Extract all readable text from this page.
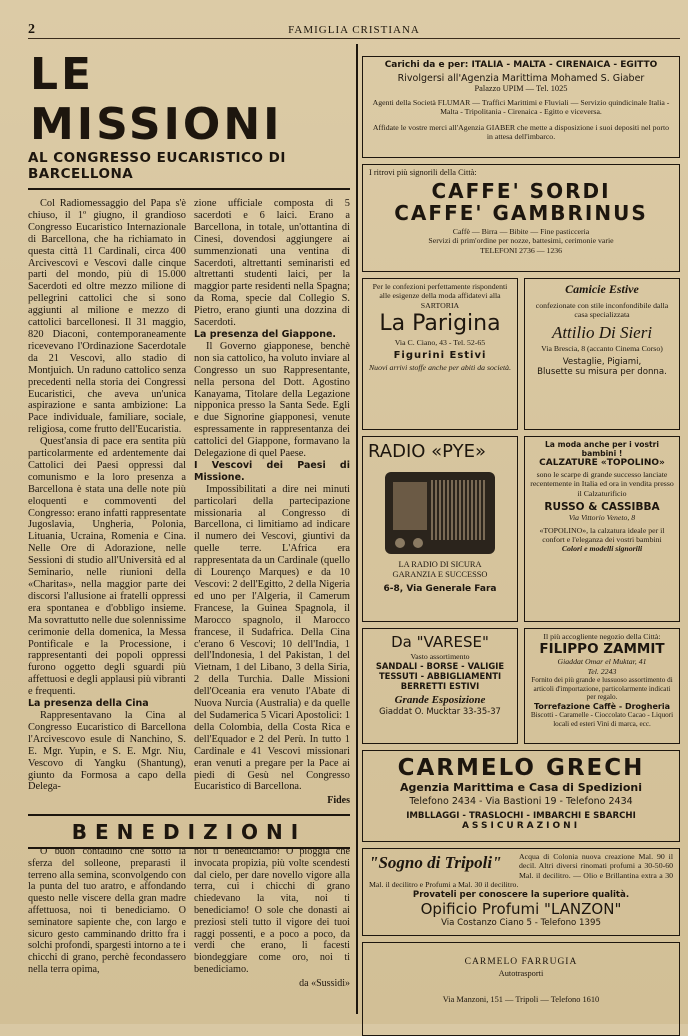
2	FAMIGLIA CRISTIANA
LE MISSIONI
AL CONGRESSO EUCARISTICO DI BARCELLONA

Col Radiomessaggio del Papa s'è chiuso, il 1º giugno, il grandioso Congresso Eucaristico Internazionale di Barcellona, che ha richiamato in questa città 11 Cardinali, circa 400 Arcivescovi e Vescovi dalle cinque parti del mondo, più di 15.000 Sacerdoti ed oltre mezzo milione di pellegrini cattolici che si sono aggiunti al milione e mezzo di cattolici barcellonesi. Il 31 maggio, 820 Diaconi, contemporaneamente ricevevano l'Ordinazione Sacerdotale da 21 Vescovi, allo stadio di Montjuich. Un raduno cattolico senza precedenti nella storia dei Congressi Eucaristici, che aveva un'unica aspirazione e santa ambizione: La Pace individuale, familiare, sociale, religiosa, come frutto dell'Eucaristia.

Quest'ansia di pace era sentita più particolarmente ed ardentemente dai Cattolici dei Paesi oppressi dal comunismo e la loro presenza a Barcellona è stata una delle note più eloquenti e commoventi del Congresso: erano infatti rappresentate Jugoslavia, Ungheria, Polonia, Lituania, Ucraina, Romenia e Cina. Nelle Ore di Adorazione, nelle Sessioni di studio all'Università ed al Seminario, nelle riunioni della «Charitas», nella maggior parte dei discorsi l'allusione ai fratelli oppressi era spontanea e d'obbligo insieme. Ma sovrattutto nelle due solennissime cerimonie della domenica, la Messa Pontificale e la Processione, i rappresentanti dei popoli oppressi furono oggetto degli sguardi più affettuosi e degli applausi più vibranti e frequenti.

La presenza della Cina

Rappresentavano la Cina al Congresso Eucaristico di Barcellona l'Arcivescovo esule di Nanchino, S. E. Mgr. Yupin, e S. E. Mgr. Niu, Vescovo di Yangku (Shantung), giunto da Formosa a capo della Delega-

zione ufficiale composta di 5 sacerdoti e 6 laici. Erano a Barcellona, in totale, un'ottantina di Cinesi, dovendosi aggiungere ai summenzionati una ventina di Sacerdoti, altrettanti seminaristi ed altrettanti studenti laici, per la maggior parte residenti nella Spagna; da Roma, specie dal Collegio S. Pietro, erano giunti una dozzina di Sacerdoti.

La presenza del Giappone.

Il Governo giapponese, benchè non sia cattolico, ha voluto inviare al Congresso un suo Rappresentante, nella persona del Dott. Agostino Kanayama, Titolare della Legazione nipponica presso la Santa Sede. Egli e due Signorine giapponesi, venute espressamente in rappresentanza dei cattolici del Giappone, formavano la Delegazione di quel Paese.

I Vescovi dei Paesi di Missione.

Impossibilitati a dire nei minuti particolari della partecipazione missionaria al Congresso di Barcellona, ci limitiamo ad indicare il numero dei Vescovi, giuntivi da quelle terre. L'Africa era rappresentata da un Cardinale (quello di Lourenço Marques) e da 10 Vescovi: 2 dell'Egitto, 2 della Nigeria ed uno per l'Algeria, il Camerum Francese, la Guinea Spagnola, il Marocco spagnolo, il Marocco francese, il Sudafrica. Della Cina c'erano 6 Vescovi; 10 dell'India, 1 dell'Indonesia, 1 del Pakistan, 1 del Vietnam, 1 del Libano, 3 della Siria, 2 della Turchia. Dalle Missioni dell'Oceania era venuto l'Abate di Nuova Nurcia (Australia) e da quelle del Sudamerica 5 Vicari Apostolici: 1 della Colombia, della Costa Rica e dell'Equador e 2 del Perù. In tutto 1 Cardinale e 41 Vescovi missionari eran venuti a pregare per la Pace ai piedi di Gesù nel Congresso Eucaristico di Barcellona.

Fides
BENEDIZIONI

O buon contadino che sotto la sferza del solleone, preparasti il terreno alla semina, sconvolgendo con la punta del tuo aratro, e affondando questo nelle viscere della gran madre affettuosa, noi ti benediciamo. O seminatore sapiente che, con largo e sicuro gesto camminando dritto fra i solchi profondi, spargesti intorno a te i chicchi di grano, perchè fecondassero nella terra opima,

noi ti benediciamo! O pioggia che invocata propizia, più volte scendesti dal cielo, per dare novello vigore alla terra, cui i chicchi di grano chiedevano la vita, noi ti benediciamo! O sole che donasti ai preziosi steli tutto il vigore dei tuoi raggi possenti, e a poco a poco, da verdi che erano, li facesti biondeggiare come oro, noi ti benediciamo.

da «Sussidi»
Carichi da e per: ITALIA - MALTA - CIRENAICA - EGITTO
Rivolgersi all'Agenzia Marittima Mohamed S. Giaber
Palazzo UPIM — Tel. 1025
Agenti della Società FLUMAR — Traffici Marittimi e Fluviali — Servizio quindicinale Italia - Malta - Tripolitania - Cirenaica - Egitto e viceversa.
Affidate le vostre merci all'Agenzia GIABER che mette a disposizione i suoi depositi nel porto in attesa dell'imbarco.
I ritrovi più signorili della Città:
CAFFE' SORDI
CAFFE' GAMBRINUS
Caffè — Birra — Bibite — Fine pasticceria
Servizi di prim'ordine per nozze, battesimi, cerimonie varie
TELEFONI 2736 — 1236
Per le confezioni perfettamente rispondenti alle esigenze della moda affidatevi alla SARTORIA
La Parigina
Via C. Ciano, 43 - Tel. 52-65
Figurini Estivi
Nuovi arrivi stoffe anche per abiti da società.
Camicie Estive
confezionate con stile inconfondibile dalla casa specializzata
Attilio Di Sieri
Via Brescia, 8 (accanto Cinema Corso)
Vestaglie, Pigiami,
Blusette su misura per donna.
RADIO «PYE»
LA RADIO DI SICURA
GARANZIA E SUCCESSO
6-8, Via Generale Fara
La moda anche per i vostri bambini !
CALZATURE «TOPOLINO»
sono le scarpe di grande successo lanciate recentemente in Italia ed ora in vendita presso il Calzaturificio
RUSSO & CASSIBBA
Via Vittorio Veneto, 8
«TOPOLINO», la calzatura ideale per il confort e l'eleganza dei vostri bambini
Colori e modelli signorili
Da "VARESE"
Vasto assortimento
SANDALI - BORSE - VALIGIE
TESSUTI - ABBIGLIAMENTI
BERRETTI ESTIVI
Grande Esposizione
Giaddat O. Mucktar 33-35-37
Il più accogliente negozio della Città:
FILIPPO ZAMMIT
Giaddat Omar el Muktar, 41
Tel. 2243
Fornito dei più grande e lussuoso assortimento di articoli d'importazione, particolarmente indicati per regalo.
Torrefazione Caffè - Drogheria
Biscotti - Caramelle - Cioccolato Cacao - Liquori locali ed esteri Vini di marca, ecc.
CARMELO GRECH
Agenzia Marittima e Casa di Spedizioni
Telefono 2434 - Via Bastioni 19 - Telefono 2434
IMBLLAGGI - TRASLOCHI - IMBARCHI E SBARCHI
ASSICURAZIONI
"Sogno di Tripoli"	Acqua di Colonia nuova creazione Mal. 90 il decil. Altri diversi rinomati profumi a 30-50-60 Mal. il decilitro. — Olio e Brillantina extra a 30 Mal. il decilitro e Profumi a Mal. 30 il decilitro.
Provateli per conoscere la superiore qualità.
Opificio Profumi "LANZON"
Via Costanzo Ciano 5 - Telefono 1395
CARMELO FARRUGIA
Autotrasporti
Via Manzoni, 151 — Tripoli — Telefono 1610
